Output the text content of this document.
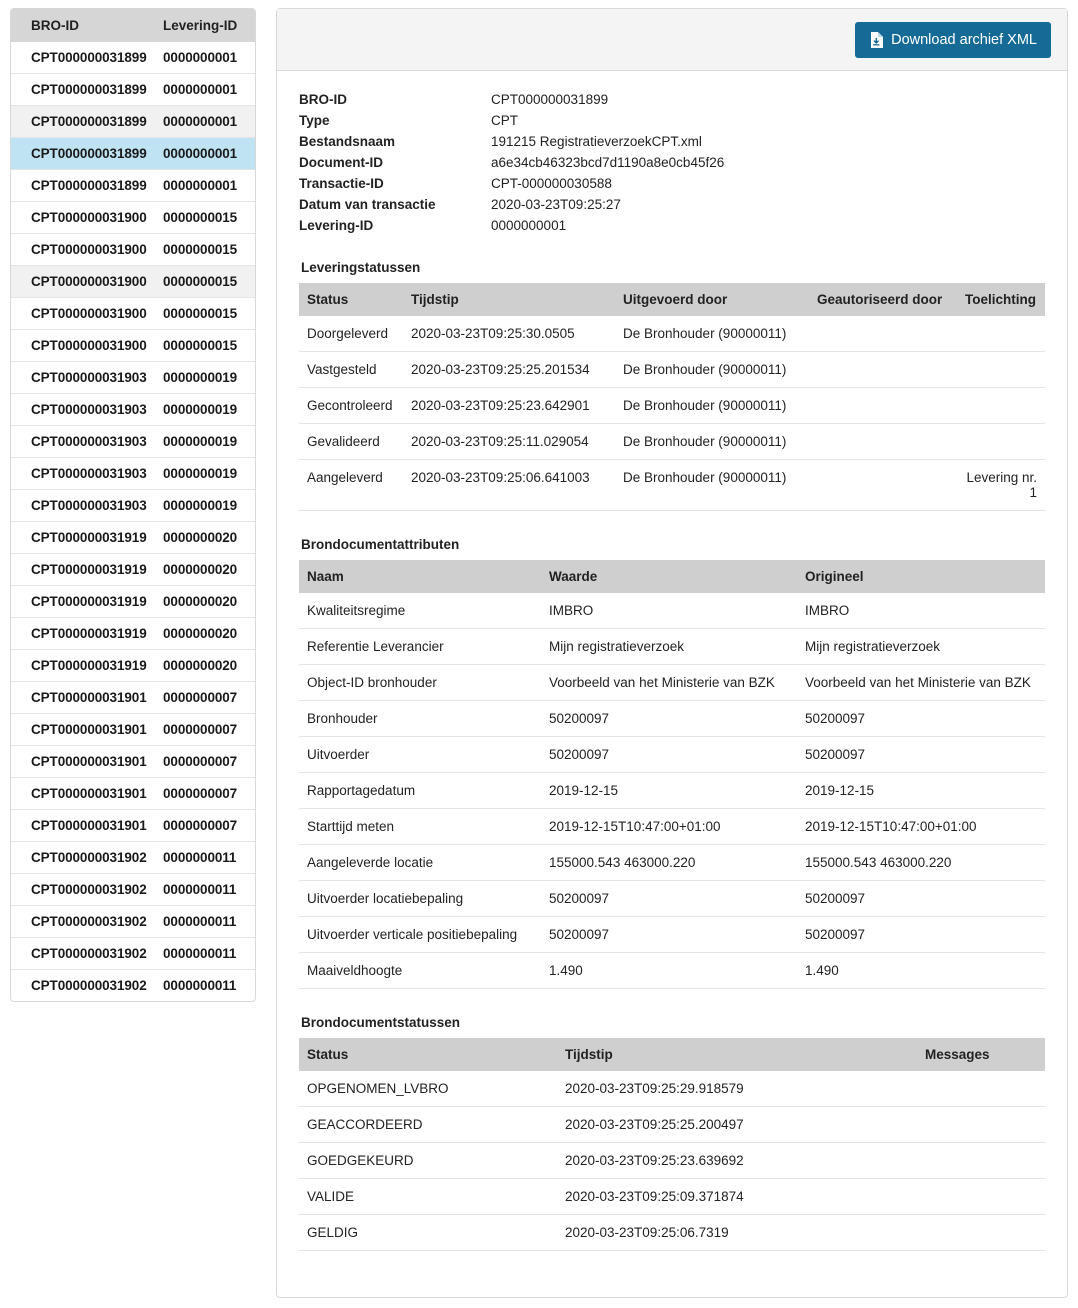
BRO-ID	Levering-ID
CPT000000031899	0000000001
CPT000000031899	0000000001
CPT000000031899	0000000001
CPT000000031899	0000000001
CPT000000031899	0000000001
CPT000000031900	0000000015
CPT000000031900	0000000015
CPT000000031900	0000000015
CPT000000031900	0000000015
CPT000000031900	0000000015
CPT000000031903	0000000019
CPT000000031903	0000000019
CPT000000031903	0000000019
CPT000000031903	0000000019
CPT000000031903	0000000019
CPT000000031919	0000000020
CPT000000031919	0000000020
CPT000000031919	0000000020
CPT000000031919	0000000020
CPT000000031919	0000000020
CPT000000031901	0000000007
CPT000000031901	0000000007
CPT000000031901	0000000007
CPT000000031901	0000000007
CPT000000031901	0000000007
CPT000000031902	0000000011
CPT000000031902	0000000011
CPT000000031902	0000000011
CPT000000031902	0000000011
CPT000000031902	0000000011
Download archief XML
BRO-ID	CPT000000031899
Type	CPT
Bestandsnaam	191215 RegistratieverzoekCPT.xml
Document-ID	a6e34cb46323bcd7d1190a8e0cb45f26
Transactie-ID	CPT-000000030588
Datum van transactie	2020-03-23T09:25:27
Levering-ID	0000000001
Leveringstatussen
Status	Tijdstip	Uitgevoerd door	Geautoriseerd door	Toelichting
Doorgeleverd	2020-03-23T09:25:30.0505	De Bronhouder (90000011)		
Vastgesteld	2020-03-23T09:25:25.201534	De Bronhouder (90000011)		
Gecontroleerd	2020-03-23T09:25:23.642901	De Bronhouder (90000011)		
Gevalideerd	2020-03-23T09:25:11.029054	De Bronhouder (90000011)		
Aangeleverd	2020-03-23T09:25:06.641003	De Bronhouder (90000011)		Levering nr. 1
Brondocumentattributen
Naam	Waarde	Origineel
Kwaliteitsregime	IMBRO	IMBRO
Referentie Leverancier	Mijn registratieverzoek	Mijn registratieverzoek
Object-ID bronhouder	Voorbeeld van het Ministerie van BZK	Voorbeeld van het Ministerie van BZK
Bronhouder	50200097	50200097
Uitvoerder	50200097	50200097
Rapportagedatum	2019-12-15	2019-12-15
Starttijd meten	2019-12-15T10:47:00+01:00	2019-12-15T10:47:00+01:00
Aangeleverde locatie	155000.543 463000.220	155000.543 463000.220
Uitvoerder locatiebepaling	50200097	50200097
Uitvoerder verticale positiebepaling	50200097	50200097
Maaiveldhoogte	1.490	1.490
Brondocumentstatussen
Status	Tijdstip	Messages
OPGENOMEN_LVBRO	2020-03-23T09:25:29.918579	
GEACCORDEERD	2020-03-23T09:25:25.200497	
GOEDGEKEURD	2020-03-23T09:25:23.639692	
VALIDE	2020-03-23T09:25:09.371874	
GELDIG	2020-03-23T09:25:06.7319	
